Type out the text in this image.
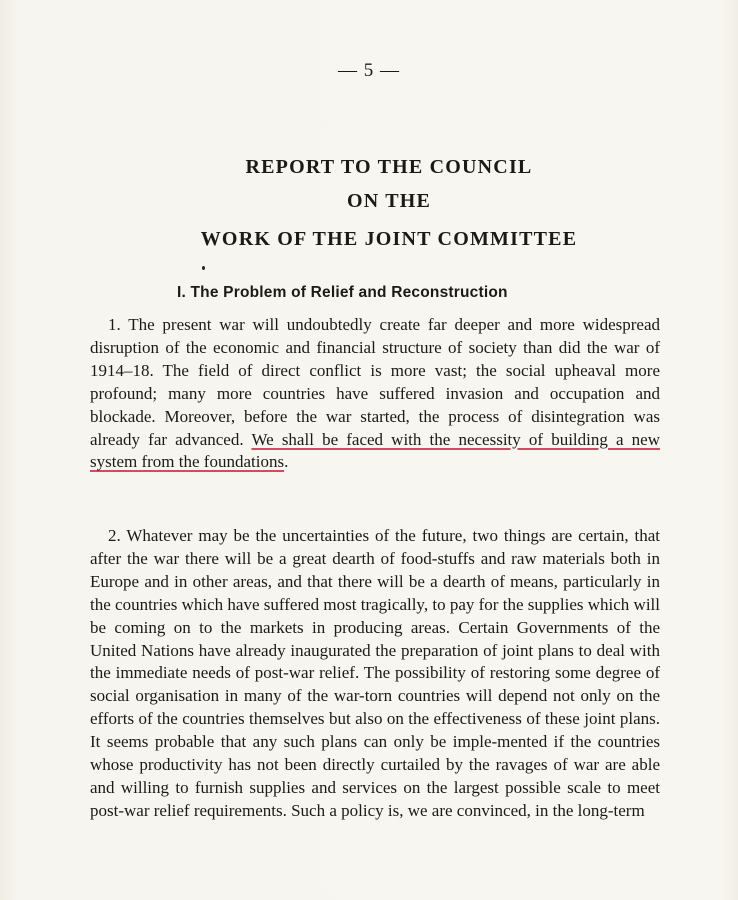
— 5 —
REPORT TO THE COUNCIL
ON THE
WORK OF THE JOINT COMMITTEE
I. The Problem of Relief and Reconstruction

1. The present war will undoubtedly create far deeper and more widespread disruption of the economic and financial structure of society than did the war of 1914–18. The field of direct conflict is more vast; the social upheaval more profound; many more countries have suffered invasion and occupation and blockade. Moreover, before the war started, the process of disintegration was already far advanced. We shall be faced with the necessity of building a new system from the foundations.

2. Whatever may be the uncertainties of the future, two things are certain, that after the war there will be a great dearth of food-stuffs and raw materials both in Europe and in other areas, and that there will be a dearth of means, particularly in the countries which have suffered most tragically, to pay for the supplies which will be coming on to the markets in producing areas. Certain Governments of the United Nations have already inaugurated the preparation of joint plans to deal with the immediate needs of post-war relief. The possibility of restoring some degree of social organisation in many of the war-torn countries will depend not only on the efforts of the countries themselves but also on the effectiveness of these joint plans. It seems probable that any such plans can only be imple-mented if the countries whose productivity has not been directly curtailed by the ravages of war are able and willing to furnish supplies and services on the largest possible scale to meet post-war relief requirements. Such a policy is, we are convinced, in the long-term
